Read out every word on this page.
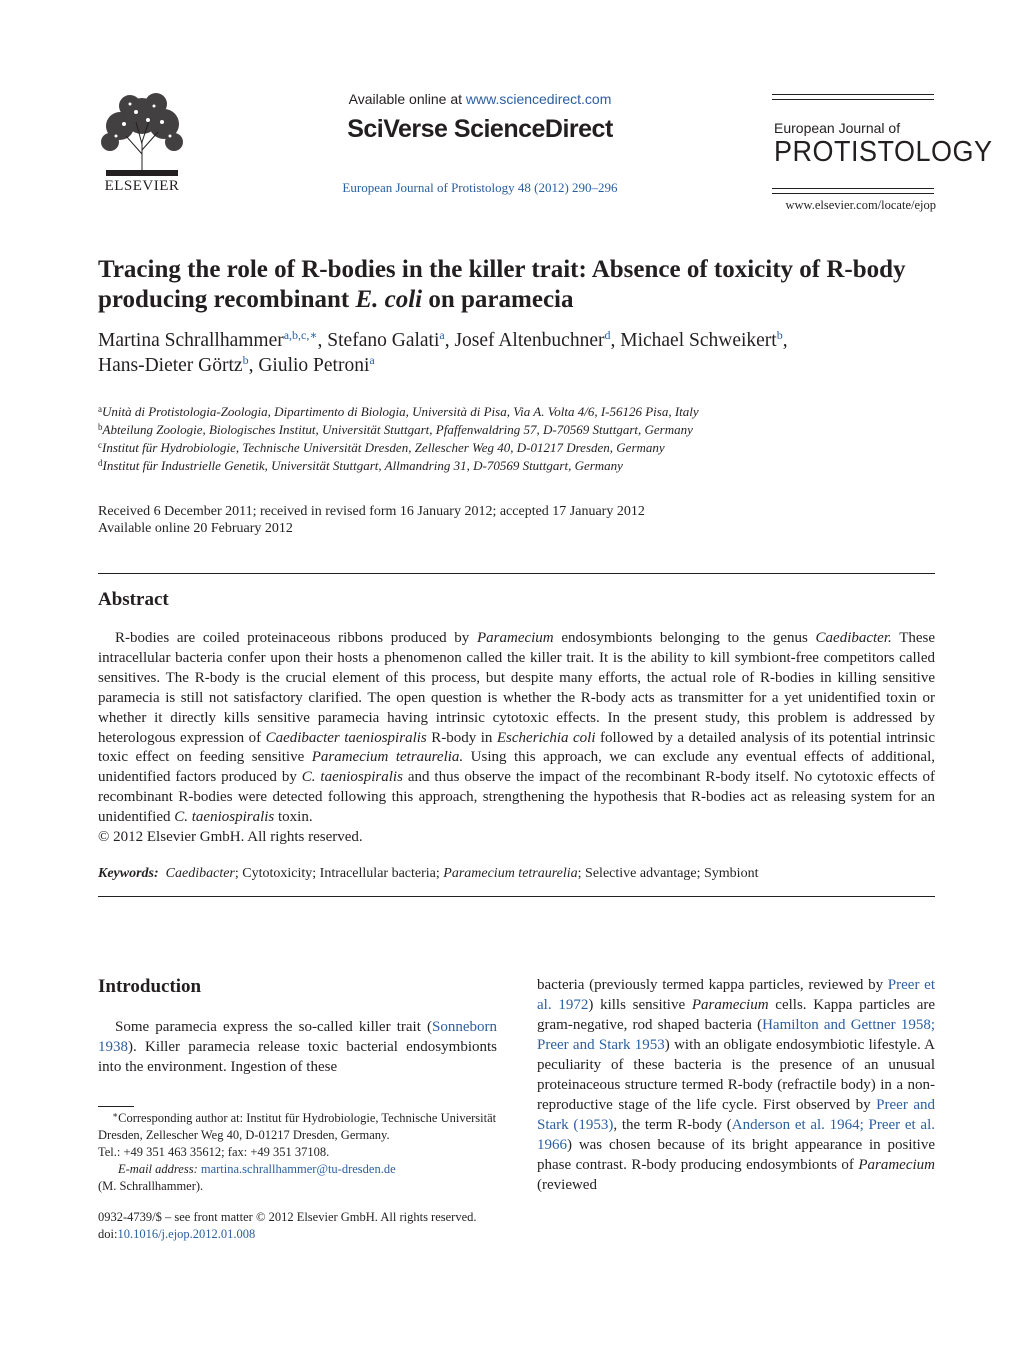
ELSEVIER
Available online at www.sciencedirect.com
SciVerse ScienceDirect
European Journal of Protistology 48 (2012) 290–296
European Journal of
PROTISTOLOGY
www.elsevier.com/locate/ejop
Tracing the role of R-bodies in the killer trait: Absence of toxicity of R-body producing recombinant E. coli on paramecia
Martina Schrallhammer$^{a,b,c,∗}$, Stefano Galati$^a$, Josef Altenbuchner$^d$, Michael Schweikert$^b$,
Hans-Dieter Görtz$^b$, Giulio Petroni$^a$
$^a$Unità di Protistologia-Zoologia, Dipartimento di Biologia, Università di Pisa, Via A. Volta 4/6, I-56126 Pisa, Italy
$^b$Abteilung Zoologie, Biologisches Institut, Universität Stuttgart, Pfaffenwaldring 57, D-70569 Stuttgart, Germany
$^c$Institut für Hydrobiologie, Technische Universität Dresden, Zellescher Weg 40, D-01217 Dresden, Germany
$^d$Institut für Industrielle Genetik, Universität Stuttgart, Allmandring 31, D-70569 Stuttgart, Germany
Received 6 December 2011; received in revised form 16 January 2012; accepted 17 January 2012
Available online 20 February 2012
Abstract

R-bodies are coiled proteinaceous ribbons produced by Paramecium endosymbionts belonging to the genus Caedibacter. These intracellular bacteria confer upon their hosts a phenomenon called the killer trait. It is the ability to kill symbiont-free competitors called sensitives. The R-body is the crucial element of this process, but despite many efforts, the actual role of R-bodies in killing sensitive paramecia is still not satisfactory clarified. The open question is whether the R-body acts as transmitter for a yet unidentified toxin or whether it directly kills sensitive paramecia having intrinsic cytotoxic effects. In the present study, this problem is addressed by heterologous expression of Caedibacter taeniospiralis R-body in Escherichia coli followed by a detailed analysis of its potential intrinsic toxic effect on feeding sensitive Paramecium tetraurelia. Using this approach, we can exclude any eventual effects of additional, unidentified factors produced by C. taeniospiralis and thus observe the impact of the recombinant R-body itself. No cytotoxic effects of recombinant R-bodies were detected following this approach, strengthening the hypothesis that R-bodies act as releasing system for an unidentified C. taeniospiralis toxin.

© 2012 Elsevier GmbH. All rights reserved.
Keywords: Caedibacter; Cytotoxicity; Intracellular bacteria; Paramecium tetraurelia; Selective advantage; Symbiont
Introduction

Some paramecia express the so-called killer trait (Sonneborn 1938). Killer paramecia release toxic bacterial endosymbionts into the environment. Ingestion of these

bacteria (previously termed kappa particles, reviewed by Preer et al. 1972) kills sensitive Paramecium cells. Kappa particles are gram-negative, rod shaped bacteria (Hamilton and Gettner 1958; Preer and Stark 1953) with an obligate endosymbiotic lifestyle. A peculiarity of these bacteria is the presence of an unusual proteinaceous structure termed R-body (refractile body) in a non-reproductive stage of the life cycle. First observed by Preer and Stark (1953), the term R-body (Anderson et al. 1964; Preer et al. 1966) was chosen because of its bright appearance in positive phase contrast. R-body producing endosymbionts of Paramecium (reviewed

∗Corresponding author at: Institut für Hydrobiologie, Technische Universität Dresden, Zellescher Weg 40, D-01217 Dresden, Germany.
Tel.: +49 351 463 35612; fax: +49 351 37108.
E-mail address: martina.schrallhammer@tu-dresden.de
(M. Schrallhammer).
0932-4739/$ – see front matter © 2012 Elsevier GmbH. All rights reserved.
doi:10.1016/j.ejop.2012.01.008
